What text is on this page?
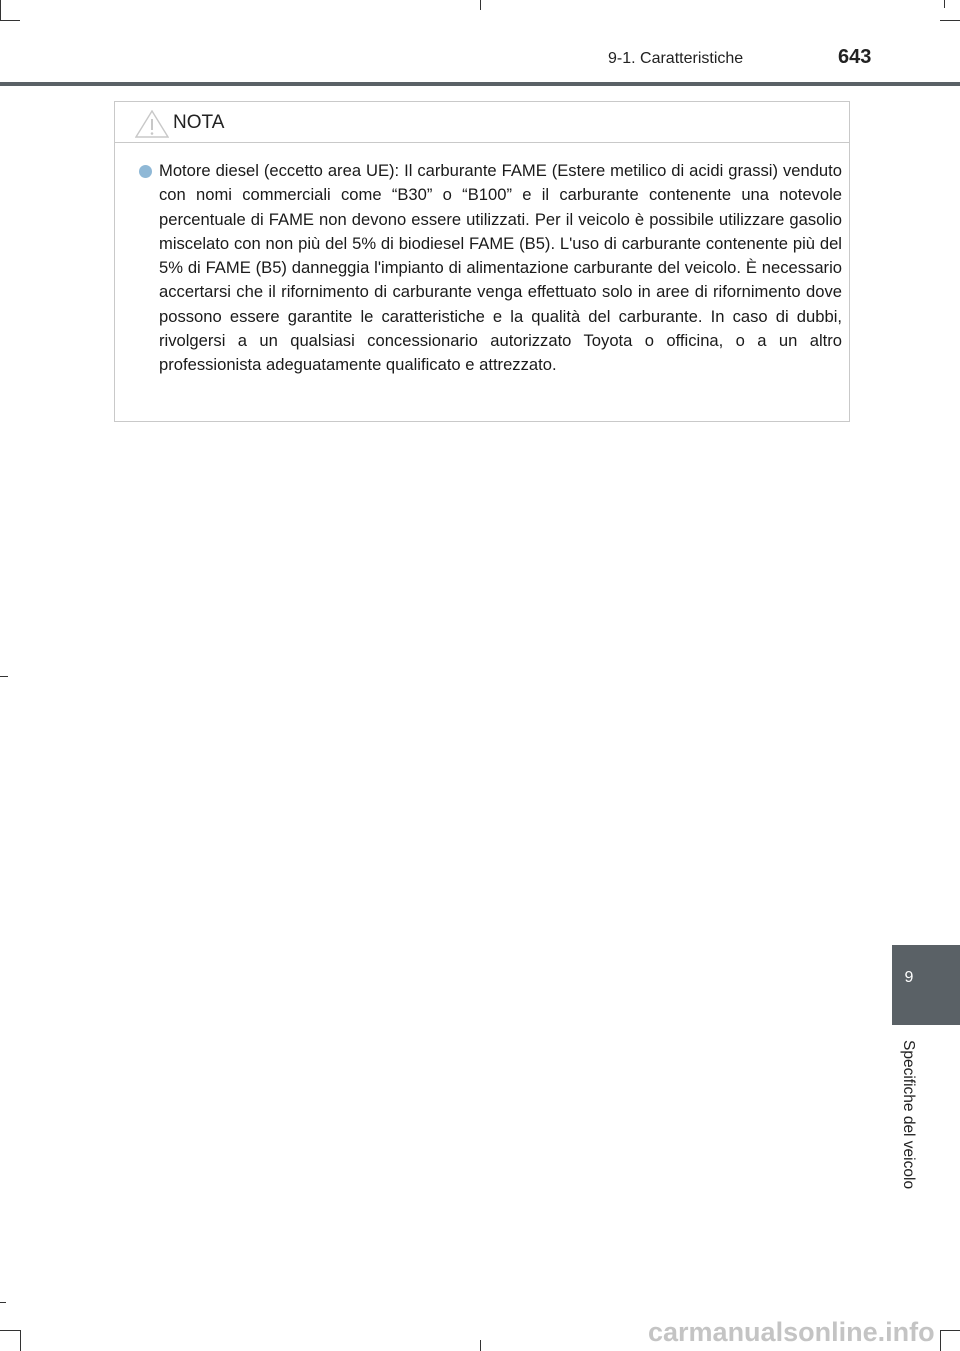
9-1. Caratteristiche	643
NOTA

Motore diesel (eccetto area UE): Il carburante FAME (Estere metilico di acidi grassi) venduto con nomi commerciali come “B30” o “B100” e il carburante contenente una notevole percentuale di FAME non devono essere utilizzati. Per il veicolo è possibile utilizzare gasolio miscelato con non più del 5% di biodiesel FAME (B5). L'uso di carburante contenente più del 5% di FAME (B5) danneggia l'impianto di alimentazione carburante del veicolo. È necessario accertarsi che il rifornimento di carburante venga effettuato solo in aree di rifornimento dove possono essere garantite le caratteristiche e la qualità del carburante. In caso di dubbi, rivolgersi a un qualsiasi concessionario autorizzato Toyota o officina, o a un altro professionista adeguatamente qualificato e attrezzato.

9
Specifiche del veicolo
carmanualsonline.info
